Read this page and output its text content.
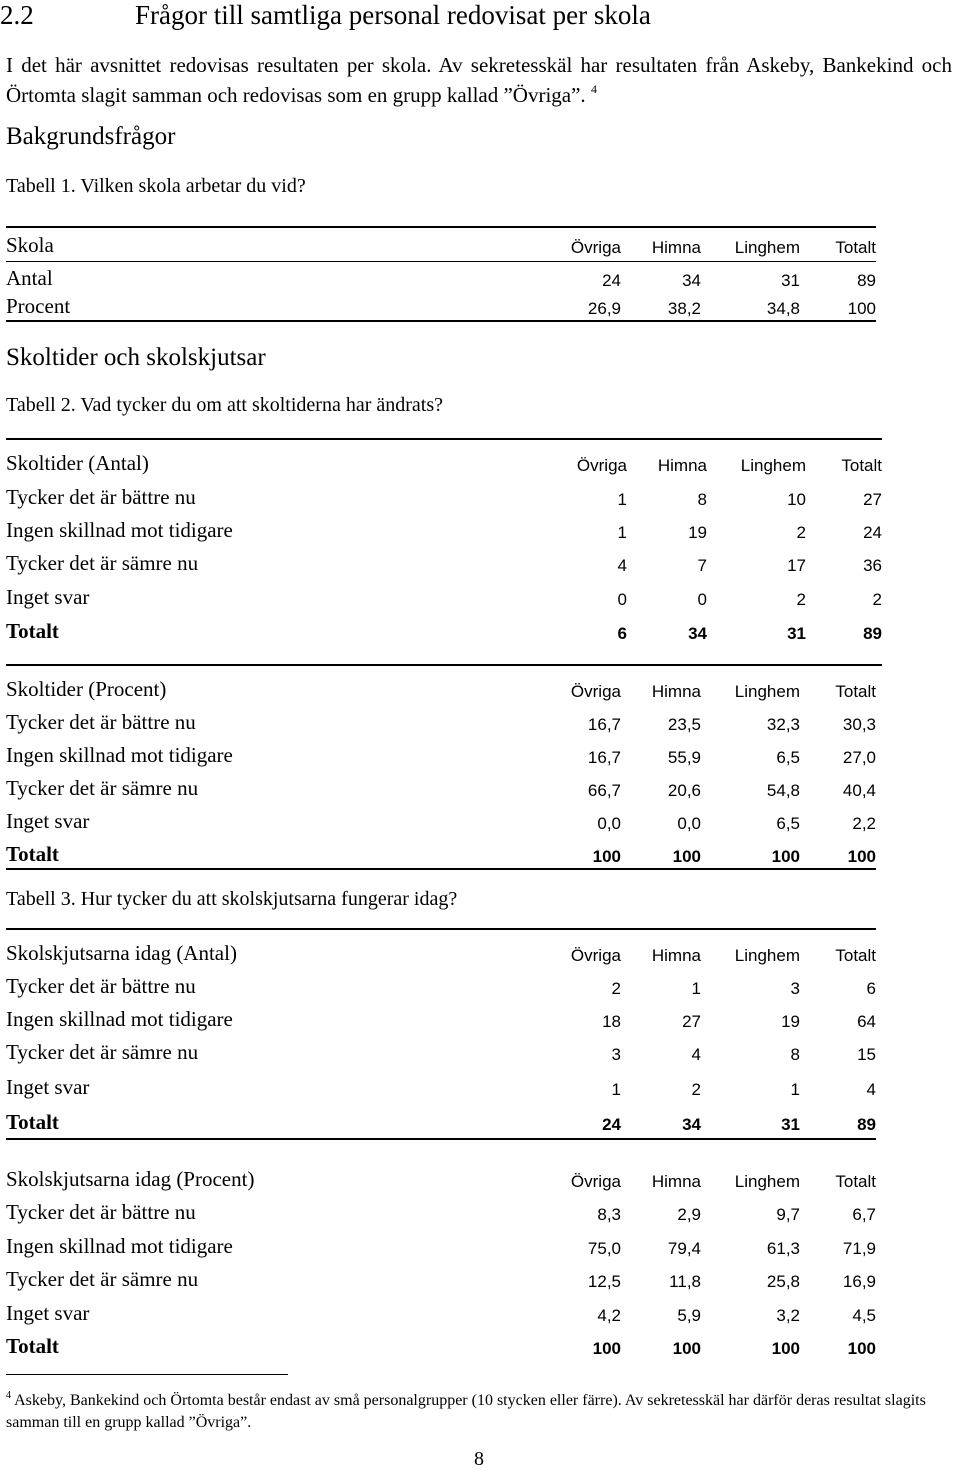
2.2	Frågor till samtliga personal redovisat per skola
I det här avsnittet redovisas resultaten per skola. Av sekretesskäl har resultaten från Askeby, Bankekind och Örtomta slagit samman och redovisas som en grupp kallad ”Övriga”. $^4$
Bakgrundsfrågor
Tabell 1. Vilken skola arbetar du vid?
Skola	Övriga Himna Linghem Totalt
Antal	24	34	31	89
Procent	26,9	38,2	34,8	100
Skoltider och skolskjutsar
Tabell 2. Vad tycker du om att skoltiderna har ändrats?
Skoltider (Antal)	Övriga Himna Linghem Totalt
Tycker det är bättre nu	1	8	10	27
Ingen skillnad mot tidigare	1	19	2	24
Tycker det är sämre nu	4	7	17	36
Inget svar	0	0	2	2
Totalt	6	34	31	89
Skoltider (Procent)	Övriga Himna Linghem Totalt
Tycker det är bättre nu	16,7	23,5	32,3	30,3
Ingen skillnad mot tidigare	16,7	55,9	6,5	27,0
Tycker det är sämre nu	66,7	20,6	54,8	40,4
Inget svar	0,0	0,0	6,5	2,2
Totalt	100	100	100	100
Tabell 3. Hur tycker du att skolskjutsarna fungerar idag?
Skolskjutsarna idag (Antal)	Övriga Himna Linghem Totalt
Tycker det är bättre nu	2	1	3	6
Ingen skillnad mot tidigare	18	27	19	64
Tycker det är sämre nu	3	4	8	15
Inget svar	1	2	1	4
Totalt	24	34	31	89
Skolskjutsarna idag (Procent)	Övriga Himna Linghem Totalt
Tycker det är bättre nu	8,3	2,9	9,7	6,7
Ingen skillnad mot tidigare	75,0	79,4	61,3	71,9
Tycker det är sämre nu	12,5	11,8	25,8	16,9
Inget svar	4,2	5,9	3,2	4,5
Totalt	100	100	100	100
$^4$ Askeby, Bankekind och Örtomta består endast av små personalgrupper (10 stycken eller färre). Av sekretesskäl har därför deras resultat slagits samman till en grupp kallad ”Övriga”.
8
